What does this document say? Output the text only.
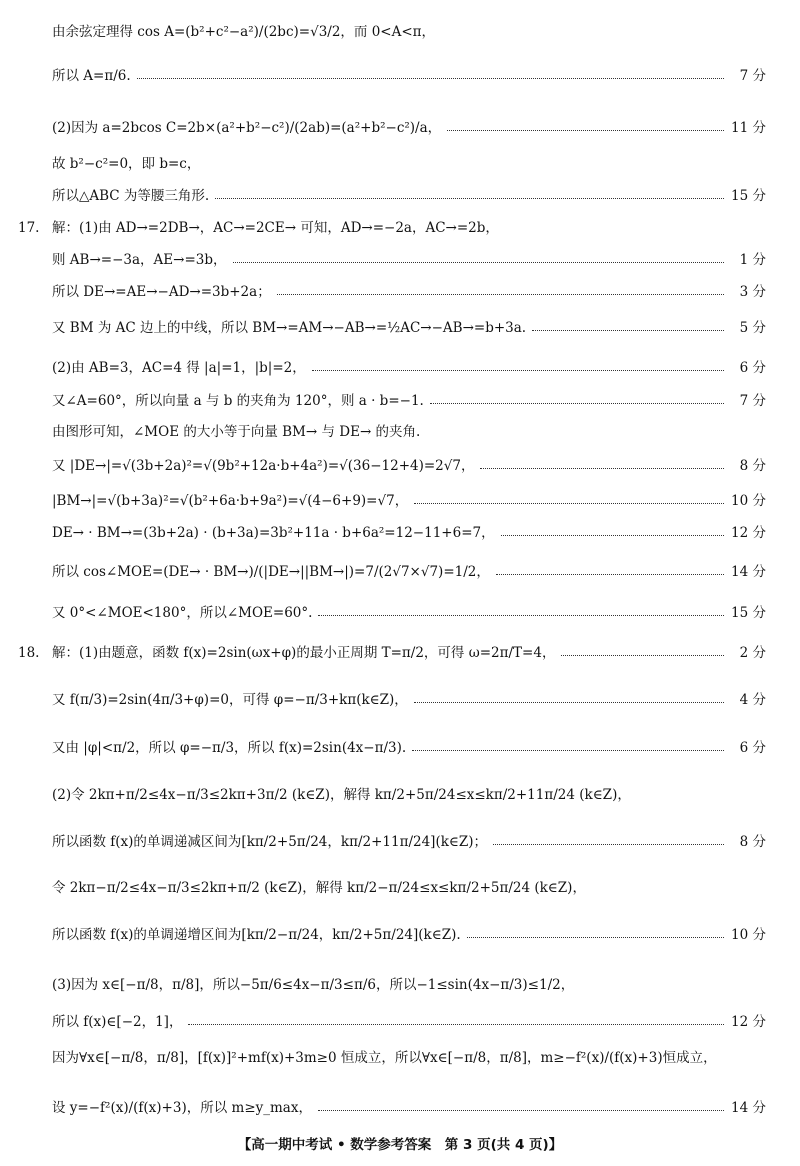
由余弦定理得 cos A=(b²+c²−a²)/(2bc)=√3/2，而 0<A<π，
所以 A=π/6.	7 分
(2)因为 a=2bcos C=2b×(a²+b²−c²)/(2ab)=(a²+b²−c²)/a，	11 分
故 b²−c²=0，即 b=c，
所以△ABC 为等腰三角形.	15 分
17. 解：(1)由 AD→=2DB→，AC→=2CE→ 可知，AD→=−2a，AC→=2b，
则 AB→=−3a，AE→=3b，	1 分
所以 DE→=AE→−AD→=3b+2a；	3 分
又 BM 为 AC 边上的中线，所以 BM→=AM→−AB→=½AC→−AB→=b+3a.	5 分
(2)由 AB=3，AC=4 得 |a|=1，|b|=2，	6 分
又∠A=60°，所以向量 a 与 b 的夹角为 120°，则 a · b=−1.	7 分
由图形可知，∠MOE 的大小等于向量 BM→ 与 DE→ 的夹角.
又 |DE→|=√(3b+2a)²=√(9b²+12a·b+4a²)=√(36−12+4)=2√7，	8 分
|BM→|=√(b+3a)²=√(b²+6a·b+9a²)=√(4−6+9)=√7，	10 分
DE→ · BM→=(3b+2a) · (b+3a)=3b²+11a · b+6a²=12−11+6=7，	12 分
所以 cos∠MOE=(DE→ · BM→)/(|DE→||BM→|)=7/(2√7×√7)=1/2，	14 分
又 0°<∠MOE<180°，所以∠MOE=60°.	15 分
18. 解：(1)由题意，函数 f(x)=2sin(ωx+φ)的最小正周期 T=π/2，可得 ω=2π/T=4，	2 分
又 f(π/3)=2sin(4π/3+φ)=0，可得 φ=−π/3+kπ(k∈Z)，	4 分
又由 |φ|<π/2，所以 φ=−π/3，所以 f(x)=2sin(4x−π/3).	6 分
(2)令 2kπ+π/2≤4x−π/3≤2kπ+3π/2 (k∈Z)，解得 kπ/2+5π/24≤x≤kπ/2+11π/24 (k∈Z)，
所以函数 f(x)的单调递减区间为[kπ/2+5π/24，kπ/2+11π/24](k∈Z)；	8 分
令 2kπ−π/2≤4x−π/3≤2kπ+π/2 (k∈Z)，解得 kπ/2−π/24≤x≤kπ/2+5π/24 (k∈Z)，
所以函数 f(x)的单调递增区间为[kπ/2−π/24，kπ/2+5π/24](k∈Z).	10 分
(3)因为 x∈[−π/8，π/8]，所以−5π/6≤4x−π/3≤π/6，所以−1≤sin(4x−π/3)≤1/2，
所以 f(x)∈[−2，1]，	12 分
因为∀x∈[−π/8，π/8]，[f(x)]²+mf(x)+3m≥0 恒成立，所以∀x∈[−π/8，π/8]，m≥−f²(x)/(f(x)+3)恒成立，
设 y=−f²(x)/(f(x)+3)，所以 m≥y_max，	14 分
【高一期中考试 • 数学参考答案　第 3 页(共 4 页)】
